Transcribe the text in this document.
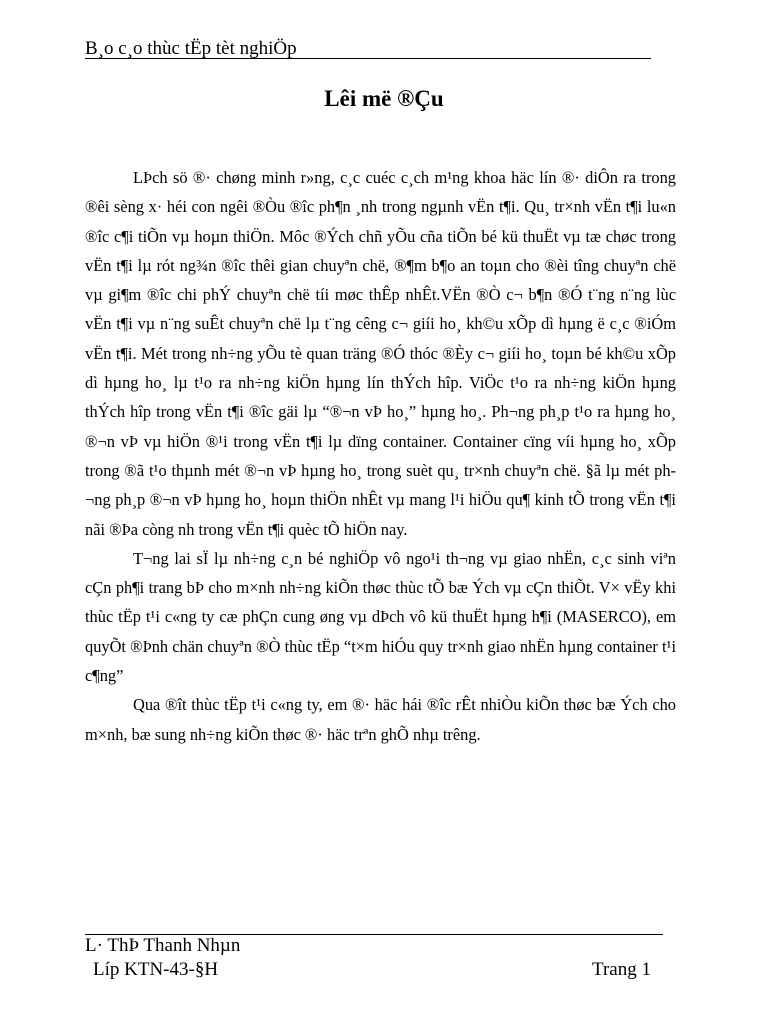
B¸o c¸o thùc tËp tèt nghiÖp
Lêi më ®Çu

LÞch sö ®· chøng minh r»ng, c¸c cuéc c¸ch m¹ng khoa häc lín ®· diÔn ra trong ®êi sèng x· héi con ngêi ®Òu ®îc ph¶n ¸nh trong ngµnh vËn t¶i. Qu¸ tr×nh vËn t¶i lu«n ®îc c¶i tiÕn vµ hoµn thiÖn. Môc ®Ých chñ yÕu cña tiÕn bé kü thuËt vµ tæ chøc trong vËn t¶i lµ rót ng¾n ®îc thêi gian chuyªn chë, ®¶m b¶o an toµn cho ®èi tîng chuyªn chë vµ gi¶m ®îc chi phÝ chuyªn chë tíi møc thÊp nhÊt.VËn ®Ò c¬ b¶n ®Ó t¨ng n¨ng lùc vËn t¶i vµ n¨ng suÊt chuyªn chë lµ t¨ng cêng c¬ giíi ho¸ kh©u xÕp dì hµng ë c¸c ®iÓm vËn t¶i. Mét trong nh÷ng yÕu tè quan träng ®Ó thóc ®Èy c¬ giíi ho¸ toµn bé kh©u xÕp dì hµng ho¸ lµ t¹o ra nh÷ng kiÖn hµng lín thÝch hîp. ViÖc t¹o ra nh÷ng kiÖn hµng thÝch hîp trong vËn t¶i ®îc gäi lµ “®¬n vÞ ho¸” hµng ho¸. Ph¬ng ph¸p t¹o ra hµng ho¸ ®¬n vÞ vµ hiÖn ®¹i trong vËn t¶i lµ dïng container. Container cïng víi hµng ho¸ xÕp trong ®ã t¹o thµnh mét ®¬n vÞ hµng ho¸ trong suèt qu¸ tr×nh chuyªn chë. §ã lµ mét ph¬ng ph¸p ®¬n vÞ hµng ho¸ hoµn thiÖn nhÊt vµ mang l¹i hiÖu qu¶ kinh tÕ trong vËn t¶i nãi ®Þa còng nh trong vËn t¶i quèc tÕ hiÖn nay.

T¬ng lai sÏ lµ nh÷ng c¸n bé nghiÖp vô ngo¹i th¬ng vµ giao nhËn, c¸c sinh viªn cÇn ph¶i trang bÞ cho m×nh nh÷ng kiÕn thøc thùc tÕ bæ Ých vµ cÇn thiÕt. V× vËy khi thùc tËp t¹i c«ng ty cæ phÇn cung øng vµ dÞch vô kü thuËt hµng h¶i (MASERCO), em quyÕt ®Þnh chän chuyªn ®Ò thùc tËp “t×m hiÓu quy tr×nh giao nhËn hµng container t¹i c¶ng”

Qua ®ît thùc tËp t¹i c«ng ty, em ®· häc hái ®îc rÊt nhiÒu kiÕn thøc bæ Ých cho m×nh, bæ sung nh÷ng kiÕn thøc ®· häc trªn ghÕ nhµ trêng.

L· ThÞ Thanh Nhµn
Líp KTN-43-§H	Trang 1
